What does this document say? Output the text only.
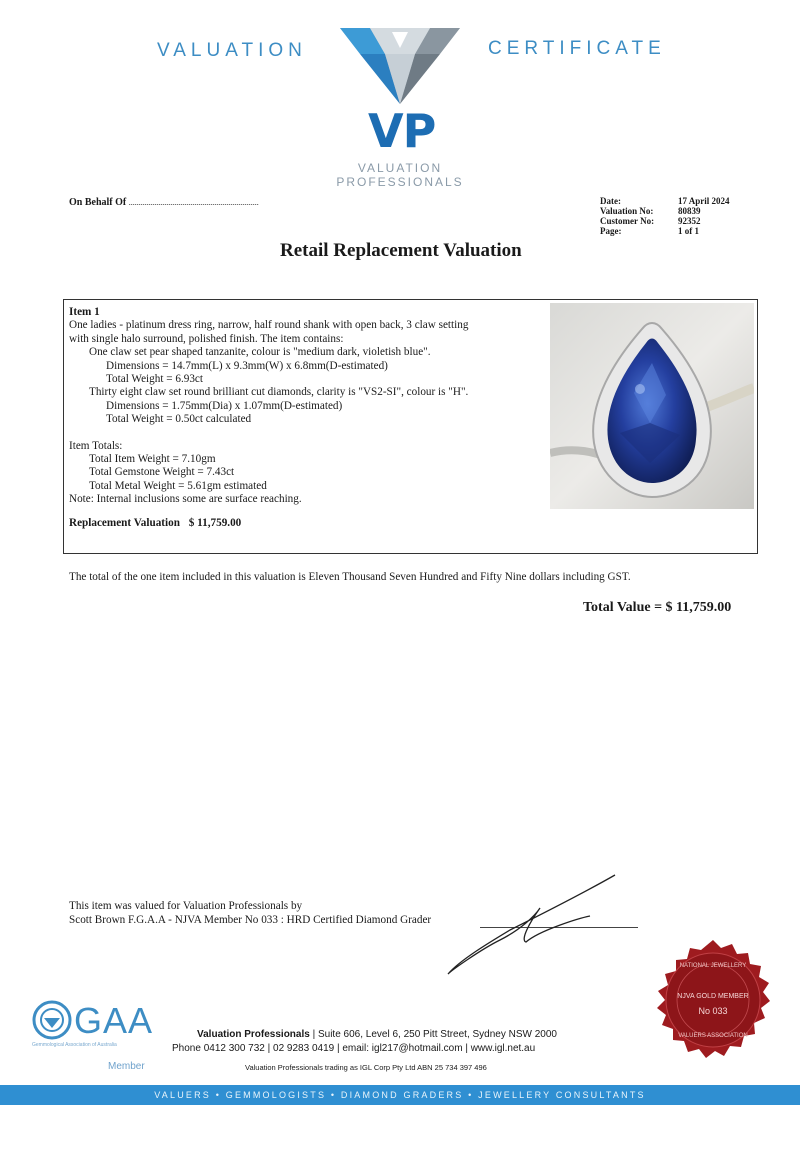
VALUATION	CERTIFICATE
VP
VALUATION
PROFESSIONALS
On Behalf Of .................................................................	Date:	17 April 2024
Valuation No:	80839
Customer No:	92352
Page:	1 of 1
Retail Replacement Valuation
Item 1
One ladies - platinum dress ring, narrow, half round shank with open back, 3 claw setting
with single halo surround, polished finish. The item contains:
One claw set pear shaped tanzanite, colour is "medium dark, violetish blue".
Dimensions = 14.7mm(L) x 9.3mm(W) x 6.8mm(D-estimated)
Total Weight = 6.93ct
Thirty eight claw set round brilliant cut diamonds, clarity is "VS2-SI", colour is "H".
Dimensions = 1.75mm(Dia) x 1.07mm(D-estimated)
Total Weight = 0.50ct calculated
Item Totals:
Total Item Weight = 7.10gm
Total Gemstone Weight = 7.43ct
Total Metal Weight = 5.61gm estimated
Note: Internal inclusions some are surface reaching.
Replacement Valuation $ 11,759.00
The total of the one item included in this valuation is Eleven Thousand Seven Hundred and Fifty Nine dollars including GST.
Total Value = $ 11,759.00
This item was valued for Valuation Professionals by
Scott Brown F.G.A.A - NJVA Member No 033 : HRD Certified Diamond Grader
NATIONAL JEWELLERY
NJVA GOLD MEMBER
No 033
VALUERS ASSOCIATION
GAA
Gemmological Association of Australia
Member
Valuation Professionals | Suite 606, Level 6, 250 Pitt Street, Sydney NSW 2000
Phone 0412 300 732 | 02 9283 0419 | email: igl217@hotmail.com | www.igl.net.au
Valuation Professionals trading as IGL Corp Pty Ltd ABN 25 734 397 496
VALUERS • GEMMOLOGISTS • DIAMOND GRADERS • JEWELLERY CONSULTANTS
